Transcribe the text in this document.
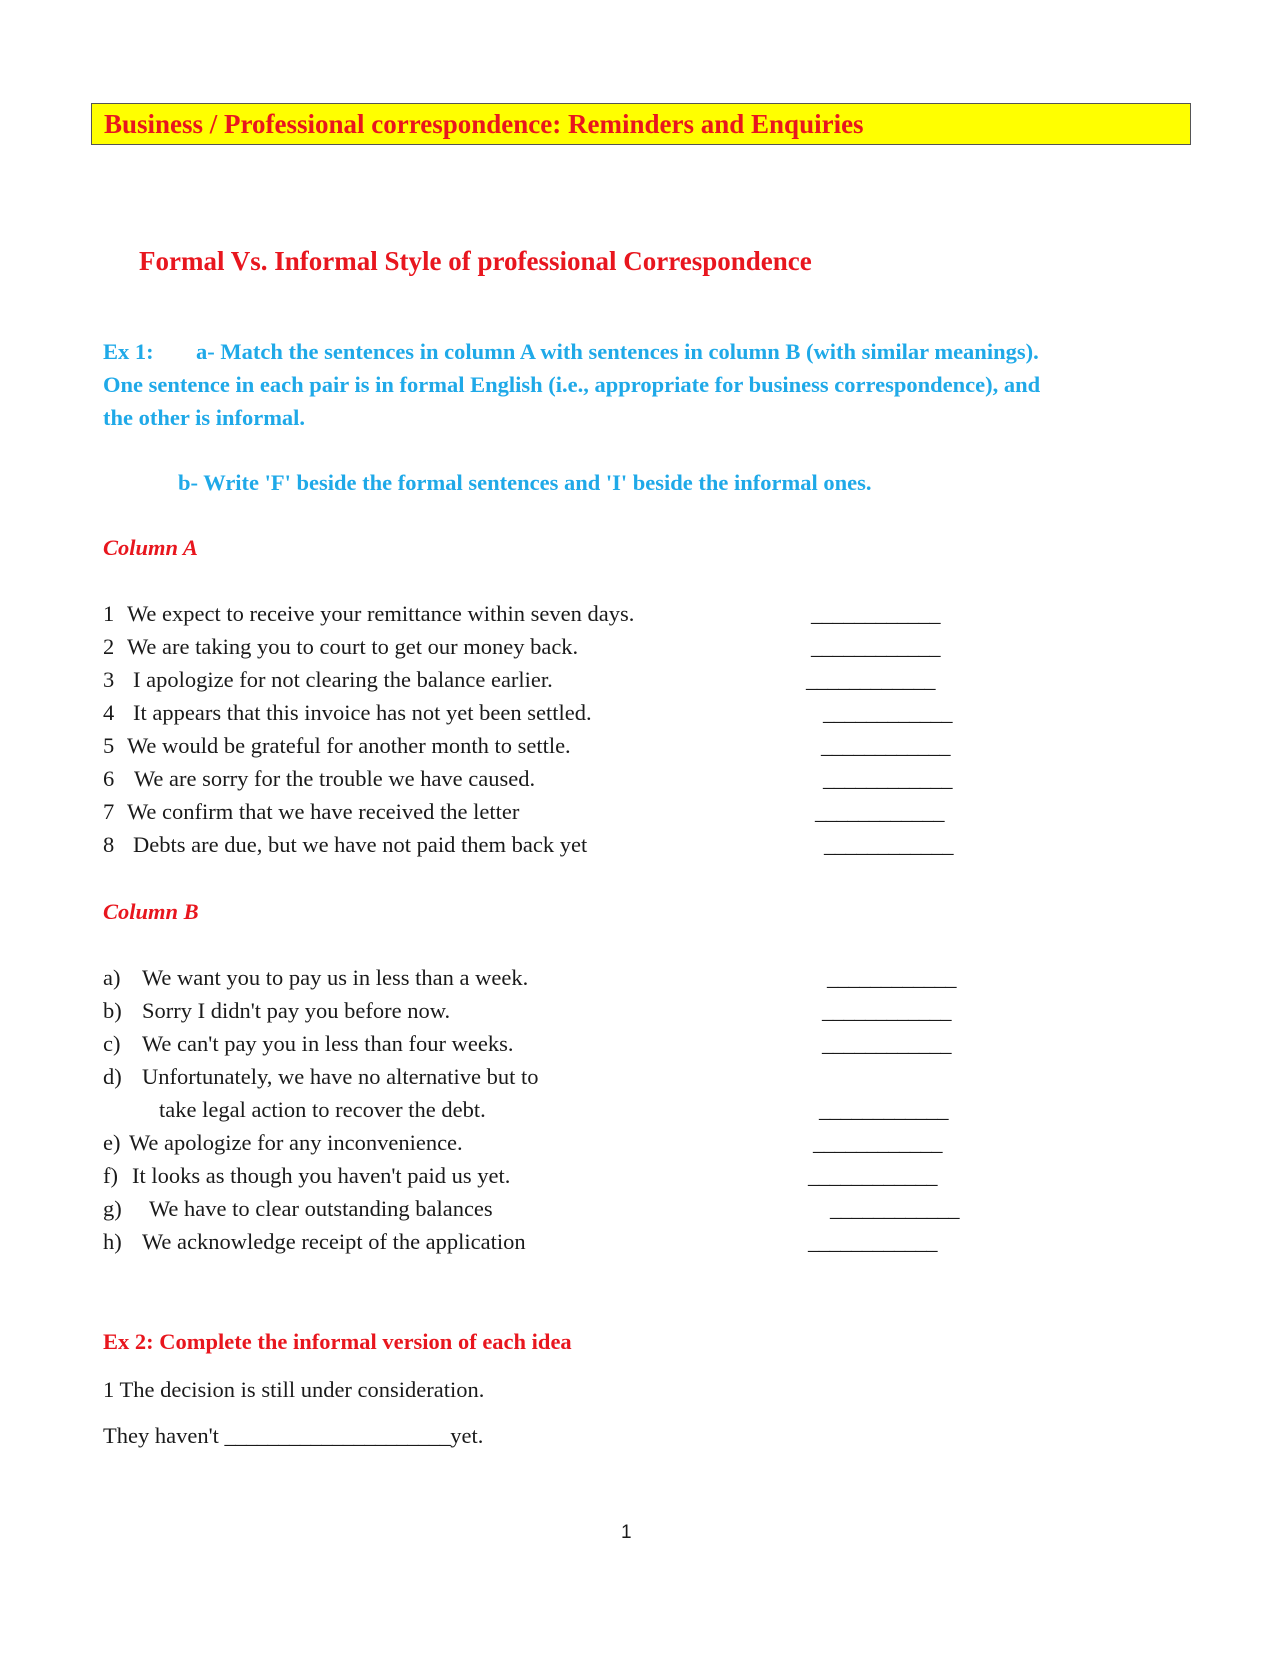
Business / Professional correspondence: Reminders and Enquiries
Formal Vs. Informal Style of professional Correspondence
Ex 1: a- Match the sentences in column A with sentences in column B (with similar meanings).
One sentence in each pair is in formal English (i.e., appropriate for business correspondence), and
the other is informal.
b- Write 'F' beside the formal sentences and 'I' beside the informal ones.
Column A
1 We expect to receive your remittance within seven days.	____________
2 We are taking you to court to get our money back.	____________
3 I apologize for not clearing the balance earlier.	____________
4 It appears that this invoice has not yet been settled.	____________
5 We would be grateful for another month to settle.	____________
6 We are sorry for the trouble we have caused.	____________
7 We confirm that we have received the letter	____________
8 Debts are due, but we have not paid them back yet	____________
Column B
a) We want you to pay us in less than a week.	____________
b) Sorry I didn't pay you before now.	____________
c) We can't pay you in less than four weeks.	____________
d) Unfortunately, we have no alternative but to
take legal action to recover the debt.	____________
e) We apologize for any inconvenience.	____________
f) It looks as though you haven't paid us yet.	____________
g) We have to clear outstanding balances	____________
h) We acknowledge receipt of the application	____________
Ex 2: Complete the informal version of each idea
1 The decision is still under consideration.
They haven't _____________________yet.
1
